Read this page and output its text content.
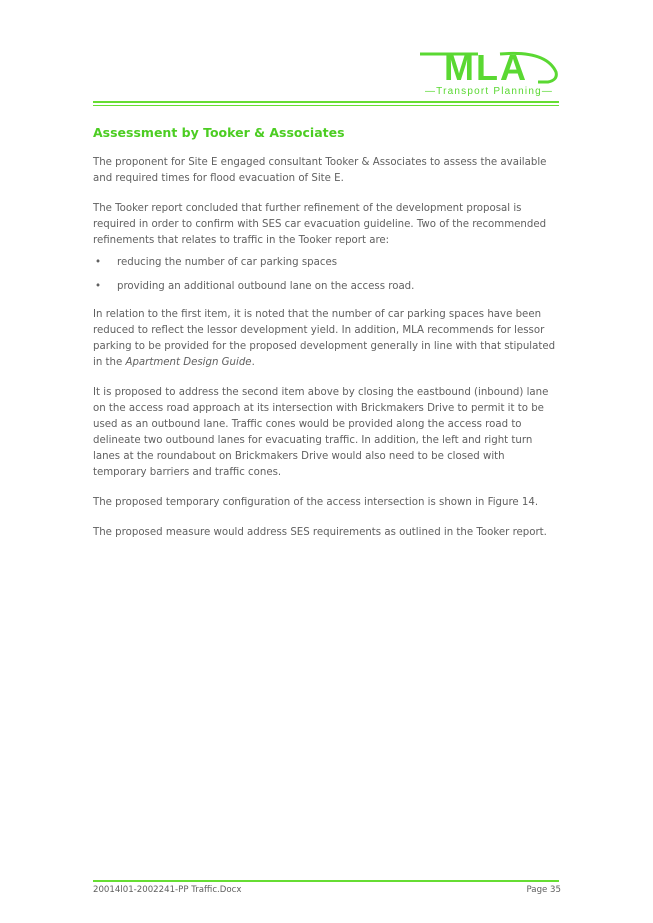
MLA
—Transport Planning—
Assessment by Tooker & Associates

The proponent for Site E engaged consultant Tooker & Associates to assess the available and required times for flood evacuation of Site E.

The Tooker report concluded that further refinement of the development proposal is required in order to confirm with SES car evacuation guideline. Two of the recommended refinements that relates to traffic in the Tooker report are:

• reducing the number of car parking spaces
• providing an additional outbound lane on the access road.

In relation to the first item, it is noted that the number of car parking spaces have been reduced to reflect the lessor development yield. In addition, MLA recommends for lessor parking to be provided for the proposed development generally in line with that stipulated in the Apartment Design Guide.

It is proposed to address the second item above by closing the eastbound (inbound) lane on the access road approach at its intersection with Brickmakers Drive to permit it to be used as an outbound lane. Traffic cones would be provided along the access road to delineate two outbound lanes for evacuating traffic. In addition, the left and right turn lanes at the roundabout on Brickmakers Drive would also need to be closed with temporary barriers and traffic cones.

The proposed temporary configuration of the access intersection is shown in Figure 14.

The proposed measure would address SES requirements as outlined in the Tooker report.

20014l01-2002241-PP Traffic.Docx	Page 35
